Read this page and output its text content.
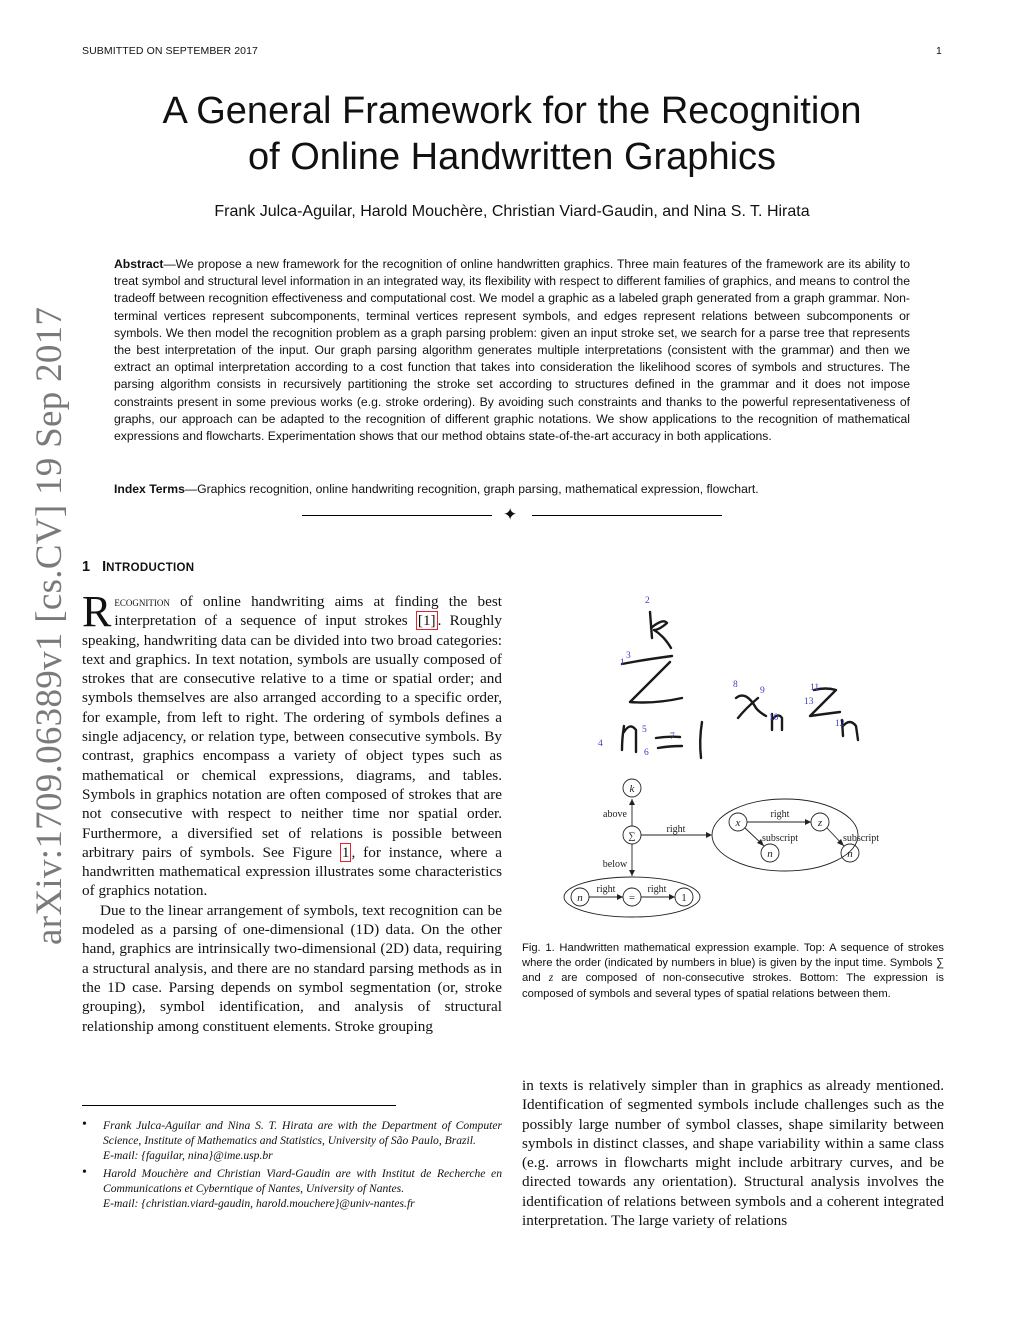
SUBMITTED ON SEPTEMBER 2017	1
A General Framework for the Recognition
of Online Handwritten Graphics
Frank Julca-Aguilar, Harold Mouchère, Christian Viard-Gaudin, and Nina S. T. Hirata
arXiv:1709.06389v1 [cs.CV] 19 Sep 2017
Abstract—We propose a new framework for the recognition of online handwritten graphics. Three main features of the framework are its ability to treat symbol and structural level information in an integrated way, its flexibility with respect to different families of graphics, and means to control the tradeoff between recognition effectiveness and computational cost. We model a graphic as a labeled graph generated from a graph grammar. Non-terminal vertices represent subcomponents, terminal vertices represent symbols, and edges represent relations between subcomponents or symbols. We then model the recognition problem as a graph parsing problem: given an input stroke set, we search for a parse tree that represents the best interpretation of the input. Our graph parsing algorithm generates multiple interpretations (consistent with the grammar) and then we extract an optimal interpretation according to a cost function that takes into consideration the likelihood scores of symbols and structures. The parsing algorithm consists in recursively partitioning the stroke set according to structures defined in the grammar and it does not impose constraints present in some previous works (e.g. stroke ordering). By avoiding such constraints and thanks to the powerful representativeness of graphs, our approach can be adapted to the recognition of different graphic notations. We show applications to the recognition of mathematical expressions and flowcharts. Experimentation shows that our method obtains state-of-the-art accuracy in both applications.
Index Terms—Graphics recognition, online handwriting recognition, graph parsing, mathematical expression, flowchart.
✦
1 INTRODUCTION

Recognition of online handwriting aims at finding the best interpretation of a sequence of input strokes [1] . Roughly speaking, handwriting data can be divided into two broad categories: text and graphics. In text notation, symbols are usually composed of strokes that are consecutive relative to a time or spatial order; and symbols themselves are also arranged according to a specific order, for example, from left to right. The ordering of symbols defines a single adjacency, or relation type, between consecutive symbols. By contrast, graphics encompass a variety of object types such as mathematical or chemical expressions, diagrams, and tables. Symbols in graphics notation are often composed of strokes that are not consecutive with respect to neither time nor spatial order. Furthermore, a diversified set of relations is possible between arbitrary pairs of symbols. See Figure 1 , for instance, where a handwritten mathematical expression illustrates some characteristics of graphics notation.

Due to the linear arrangement of symbols, text recognition can be modeled as a parsing of one-dimensional (1D) data. On the other hand, graphics are intrinsically two-dimensional (2D) data, requiring a structural analysis, and there are no standard parsing methods as in the 1D case. Parsing depends on symbol segmentation (or, stroke grouping), symbol identification, and analysis of structural relationship among constituent elements. Stroke grouping

• Frank Julca-Aguilar and Nina S. T. Hirata are with the Department of Computer Science, Institute of Mathematics and Statistics, University of São Paulo, Brazil.
E-mail: {faguilar, nina}@ime.usp.br
• Harold Mouchère and Christian Viard-Gaudin are with Institut de Recherche en Communications et Cyberntique of Nantes, University of Nantes.
E-mail: {christian.viard-gaudin, harold.mouchere}@univ-nantes.fr
1
2
3
4
5
6
7
8
9
10
11
12
13
k
∑
n	=	1
x	z
n	n
above
below
right
right	right
right
subscript	subscript
Fig. 1. Handwritten mathematical expression example. Top: A sequence of strokes where the order (indicated by numbers in blue) is given by the input time. Symbols ∑ and z are composed of non-consecutive strokes. Bottom: The expression is composed of symbols and several types of spatial relations between them.
in texts is relatively simpler than in graphics as already mentioned. Identification of segmented symbols include challenges such as the possibly large number of symbol classes, shape similarity between symbols in distinct classes, and shape variability within a same class (e.g. arrows in flowcharts might include arbitrary curves, and be directed towards any orientation). Structural analysis involves the identification of relations between symbols and a coherent integrated interpretation. The large variety of relations
